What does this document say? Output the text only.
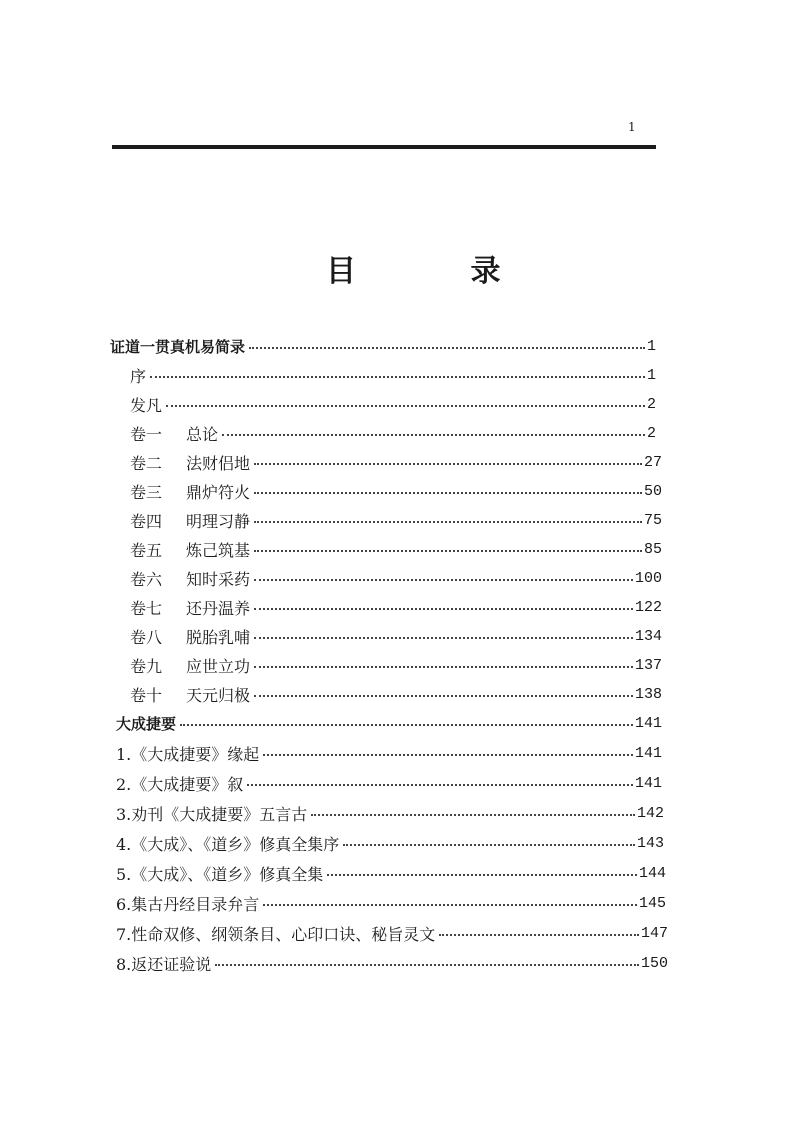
1
目 录
证道一贯真机易简录	1
序	1
发凡	2
卷一	总论	2
卷二	法财侣地	27
卷三	鼎炉符火	50
卷四	明理习静	75
卷五	炼己筑基	85
卷六	知时采药	100
卷七	还丹温养	122
卷八	脱胎乳哺	134
卷九	应世立功	137
卷十	天元归极	138
大成捷要	141
1.《大成捷要》缘起	141
2.《大成捷要》叙	141
3.劝刊《大成捷要》五言古	142
4.《大成》、《道乡》修真全集序	143
5.《大成》、《道乡》修真全集	144
6.集古丹经目录弁言	145
7.性命双修、纲领条目、心印口诀、秘旨灵文	147
8.返还证验说	150
